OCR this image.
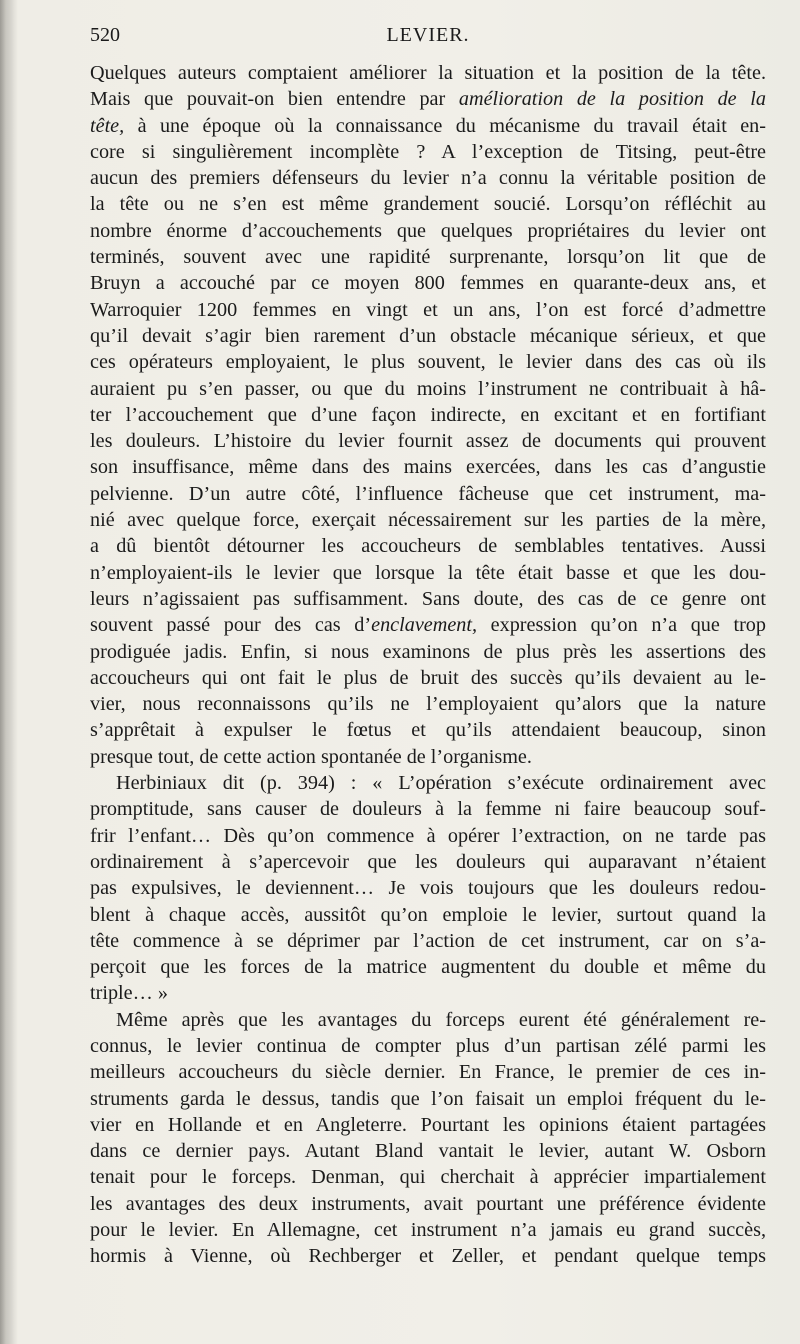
520	LEVIER.
Quelques auteurs comptaient améliorer la situation et la position de la tête.
Mais que pouvait-on bien entendre par amélioration de la position de la
tête, à une époque où la connaissance du mécanisme du travail était en-
core si singulièrement incomplète ? A l’exception de Titsing, peut-être
aucun des premiers défenseurs du levier n’a connu la véritable position de
la tête ou ne s’en est même grandement soucié. Lorsqu’on réfléchit au
nombre énorme d’accouchements que quelques propriétaires du levier ont
terminés, souvent avec une rapidité surprenante, lorsqu’on lit que de
Bruyn a accouché par ce moyen 800 femmes en quarante-deux ans, et
Warroquier 1200 femmes en vingt et un ans, l’on est forcé d’admettre
qu’il devait s’agir bien rarement d’un obstacle mécanique sérieux, et que
ces opérateurs employaient, le plus souvent, le levier dans des cas où ils
auraient pu s’en passer, ou que du moins l’instrument ne contribuait à hâ-
ter l’accouchement que d’une façon indirecte, en excitant et en fortifiant
les douleurs. L’histoire du levier fournit assez de documents qui prouvent
son insuffisance, même dans des mains exercées, dans les cas d’angustie
pelvienne. D’un autre côté, l’influence fâcheuse que cet instrument, ma-
nié avec quelque force, exerçait nécessairement sur les parties de la mère,
a dû bientôt détourner les accoucheurs de semblables tentatives. Aussi
n’employaient-ils le levier que lorsque la tête était basse et que les dou-
leurs n’agissaient pas suffisamment. Sans doute, des cas de ce genre ont
souvent passé pour des cas d’enclavement, expression qu’on n’a que trop
prodiguée jadis. Enfin, si nous examinons de plus près les assertions des
accoucheurs qui ont fait le plus de bruit des succès qu’ils devaient au le-
vier, nous reconnaissons qu’ils ne l’employaient qu’alors que la nature
s’apprêtait à expulser le fœtus et qu’ils attendaient beaucoup, sinon
presque tout, de cette action spontanée de l’organisme.
Herbiniaux dit (p. 394) : « L’opération s’exécute ordinairement avec
promptitude, sans causer de douleurs à la femme ni faire beaucoup souf-
frir l’enfant… Dès qu’on commence à opérer l’extraction, on ne tarde pas
ordinairement à s’apercevoir que les douleurs qui auparavant n’étaient
pas expulsives, le deviennent… Je vois toujours que les douleurs redou-
blent à chaque accès, aussitôt qu’on emploie le levier, surtout quand la
tête commence à se déprimer par l’action de cet instrument, car on s’a-
perçoit que les forces de la matrice augmentent du double et même du
triple… »
Même après que les avantages du forceps eurent été généralement re-
connus, le levier continua de compter plus d’un partisan zélé parmi les
meilleurs accoucheurs du siècle dernier. En France, le premier de ces in-
struments garda le dessus, tandis que l’on faisait un emploi fréquent du le-
vier en Hollande et en Angleterre. Pourtant les opinions étaient partagées
dans ce dernier pays. Autant Bland vantait le levier, autant W. Osborn
tenait pour le forceps. Denman, qui cherchait à apprécier impartialement
les avantages des deux instruments, avait pourtant une préférence évidente
pour le levier. En Allemagne, cet instrument n’a jamais eu grand succès,
hormis à Vienne, où Rechberger et Zeller, et pendant quelque temps
